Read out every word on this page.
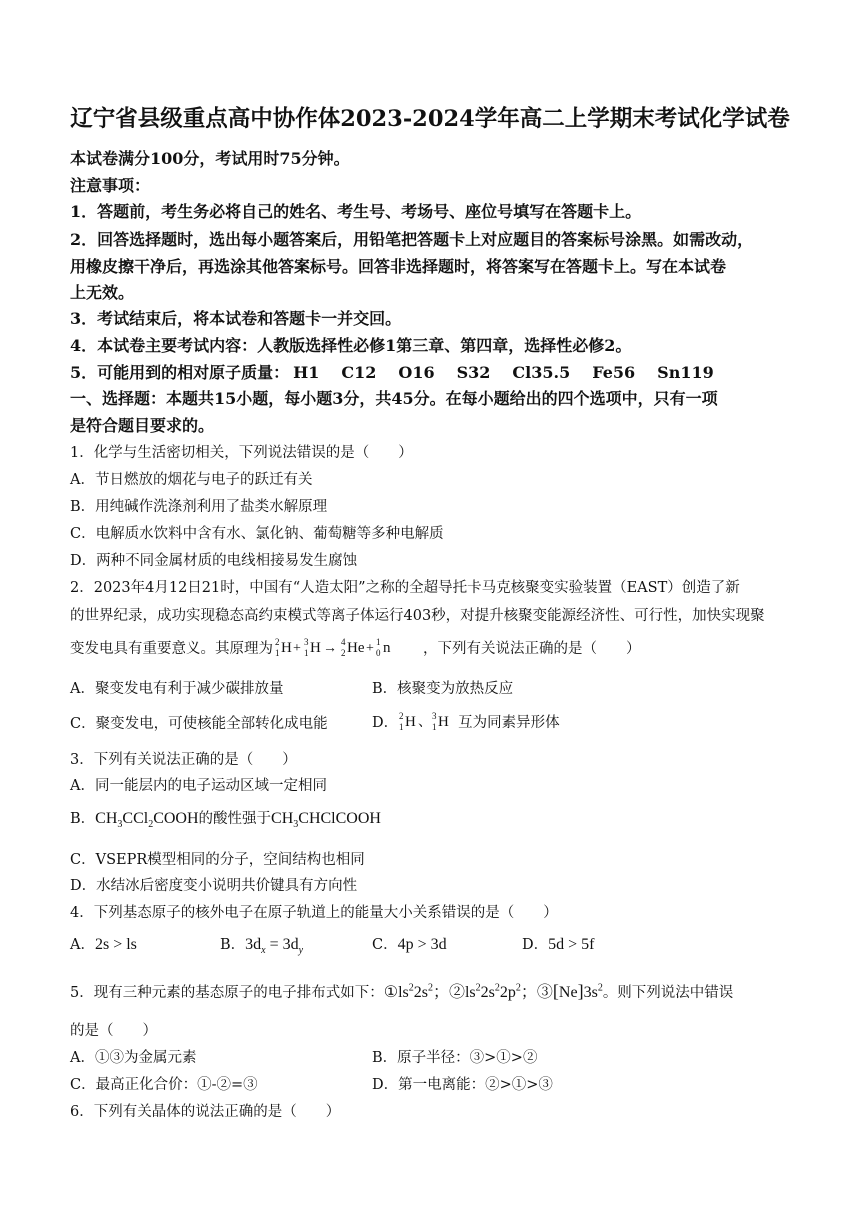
辽宁省县级重点高中协作体2023-2024学年高二上学期末考试化学试卷
本试卷满分100分，考试用时75分钟。
注意事项：
1．答题前，考生务必将自己的姓名、考生号、考场号、座位号填写在答题卡上。
2．回答选择题时，选出每小题答案后，用铅笔把答题卡上对应题目的答案标号涂黑。如需改动，
用橡皮擦干净后，再选涂其他答案标号。回答非选择题时，将答案写在答题卡上。写在本试卷
上无效。
3．考试结束后，将本试卷和答题卡一并交回。
4．本试卷主要考试内容：人教版选择性必修1第三章、第四章，选择性必修2。
5．可能用到的相对原子质量： H1 C12 O16 S32 Cl35.5 Fe56 Sn119
一、选择题：本题共15小题，每小题3分，共45分。在每小题给出的四个选项中，只有一项
是符合题目要求的。
1．化学与生活密切相关，下列说法错误的是（　　）
A．节日燃放的烟花与电子的跃迁有关
B．用纯碱作洗涤剂利用了盐类水解原理
C．电解质水饮料中含有水、氯化钠、葡萄糖等多种电解质
D．两种不同金属材质的电线相接易发生腐蚀
2．2023年4月12日21时，中国有“人造太阳”之称的全超导托卡马克核聚变实验装置（EAST）创造了新
的世界纪录，成功实现稳态高约束模式等离子体运行403秒，对提升核聚变能源经济性、可行性，加快实现聚
变发电具有重要意义。其原理为 2
1 H + 3
1 H → 4
2 He + 1
0 n ，下列有关说法正确的是（　　）
A．聚变发电有利于减少碳排放量	B．核聚变为放热反应
C．聚变发电，可使核能全部转化成电能	D． 2
1 H 、 3
1 H 互为同素异形体
3．下列有关说法正确的是（　　）
A．同一能层内的电子运动区域一定相同
B．$CH_3CCl_2COOH$的酸性强于$CH_3CHClCOOH$
C．VSEPR模型相同的分子，空间结构也相同
D．水结冰后密度变小说明共价键具有方向性
4．下列基态原子的核外电子在原子轨道上的能量大小关系错误的是（　　）
A．2s > ls	B．$3d_x = 3d_y$	C．4p > 3d	D．5d > 5f
5．现有三种元素的基态原子的电子排布式如下：$①ls^22s^2$；$②ls^22s^22p^2$；$③[Ne]3s^2$。则下列说法中错误
的是（　　）
A．①③为金属元素	B．原子半径：③>①>②
C．最高正化合价：①-②=③	D．第一电离能：②>①>③
6．下列有关晶体的说法正确的是（　　）
